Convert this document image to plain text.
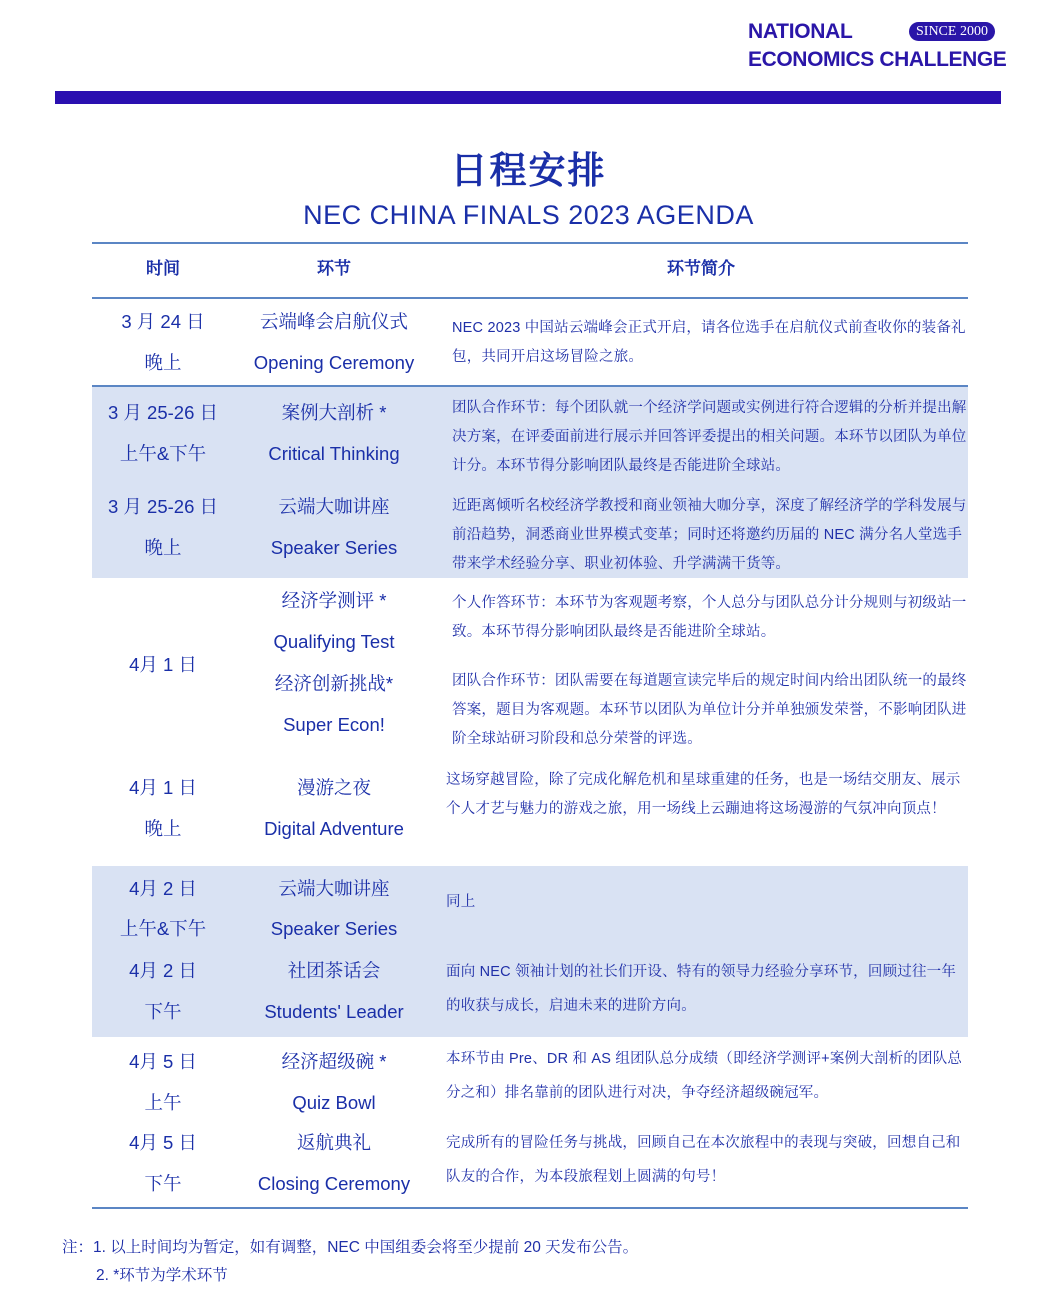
NATIONAL
ECONOMICS CHALLENGE
SINCE 2000
日程安排
NEC CHINA FINALS 2023 AGENDA
时间	环节	环节简介
3 月 24 日
晚上
云端峰会启航仪式
Opening Ceremony
NEC 2023 中国站云端峰会正式开启，请各位选手在启航仪式前查收你的装备礼包，共同开启这场冒险之旅。
3 月 25-26 日
上午&下午
案例大剖析 *
Critical Thinking
团队合作环节：每个团队就一个经济学问题或实例进行符合逻辑的分析并提出解决方案，在评委面前进行展示并回答评委提出的相关问题。本环节以团队为单位计分。本环节得分影响团队最终是否能进阶全球站。
3 月 25-26 日
晚上
云端大咖讲座
Speaker Series
近距离倾听名校经济学教授和商业领袖大咖分享，深度了解经济学的学科发展与前沿趋势，洞悉商业世界模式变革；同时还将邀约历届的 NEC 满分名人堂选手带来学术经验分享、职业初体验、升学满满干货等。
4月 1 日
经济学测评 *
Qualifying Test
经济创新挑战*
Super Econ!
个人作答环节：本环节为客观题考察，个人总分与团队总分计分规则与初级站一致。本环节得分影响团队最终是否能进阶全球站。
团队合作环节：团队需要在每道题宣读完毕后的规定时间内给出团队统一的最终答案，题目为客观题。本环节以团队为单位计分并单独颁发荣誉，不影响团队进阶全球站研习阶段和总分荣誉的评选。
4月 1 日
晚上
漫游之夜
Digital Adventure
这场穿越冒险，除了完成化解危机和星球重建的任务，也是一场结交朋友、展示个人才艺与魅力的游戏之旅，用一场线上云蹦迪将这场漫游的气氛冲向顶点！
4月 2 日
上午&下午
云端大咖讲座
Speaker Series
同上
4月 2 日
下午
社团茶话会
Students' Leader
面向 NEC 领袖计划的社长们开设、特有的领导力经验分享环节，回顾过往一年的收获与成长，启迪未来的进阶方向。
4月 5 日
上午
经济超级碗 *
Quiz Bowl
本环节由 Pre、DR 和 AS 组团队总分成绩（即经济学测评+案例大剖析的团队总分之和）排名靠前的团队进行对决，争夺经济超级碗冠军。
4月 5 日
下午
返航典礼
Closing Ceremony
完成所有的冒险任务与挑战，回顾自己在本次旅程中的表现与突破，回想自己和队友的合作，为本段旅程划上圆满的句号！
注：1. 以上时间均为暂定，如有调整，NEC 中国组委会将至少提前 20 天发布公告。
2. *环节为学术环节
